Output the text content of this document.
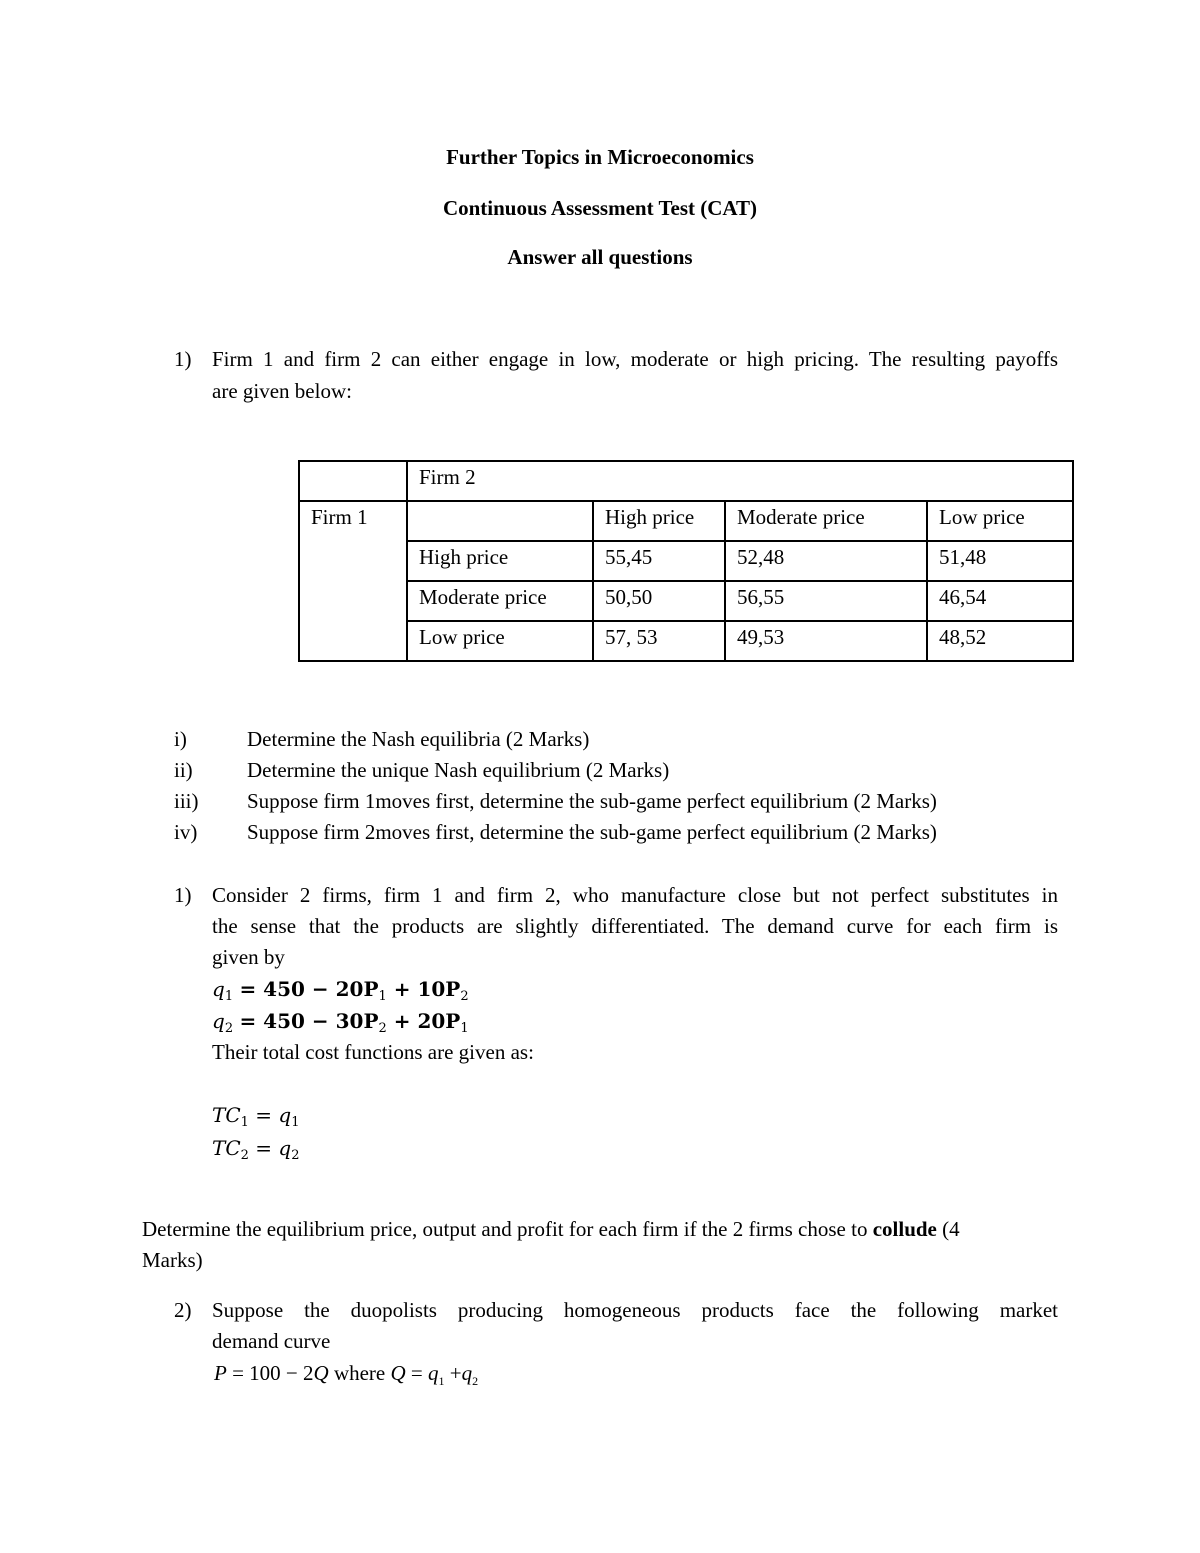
Further Topics in Microeconomics
Continuous Assessment Test (CAT)
Answer all questions
1) Firm 1 and firm 2 can either engage in low, moderate or high pricing. The resulting payoffs
are given below:
	Firm 2			
Firm 1		High price	Moderate price	Low price
	High price	55,45	52,48	51,48
	Moderate price	50,50	56,55	46,54
	Low price	57, 53	49,53	48,52
i)	Determine the Nash equilibria (2 Marks)
ii)	Determine the unique Nash equilibrium (2 Marks)
iii) Suppose firm 1moves first, determine the sub-game perfect equilibrium (2 Marks)
iv) Suppose firm 2moves first, determine the sub-game perfect equilibrium (2 Marks)
1) Consider 2 firms, firm 1 and firm 2, who manufacture close but not perfect substitutes in
the sense that the products are slightly differentiated. The demand curve for each firm is
given by
$q_1 = 450 - 20P_1 + 10P_2$
$q_2 = 450 - 30P_2 + 20P_1$
Their total cost functions are given as:
$TC_1 = q_1$
$TC_2 = q_2$
Determine the equilibrium price, output and profit for each firm if the 2 firms chose to collude (4
Marks)
2) Suppose the duopolists producing homogeneous products face the following market
demand curve
P = 100 − 2Q where $Q = q_1 +q_2$
